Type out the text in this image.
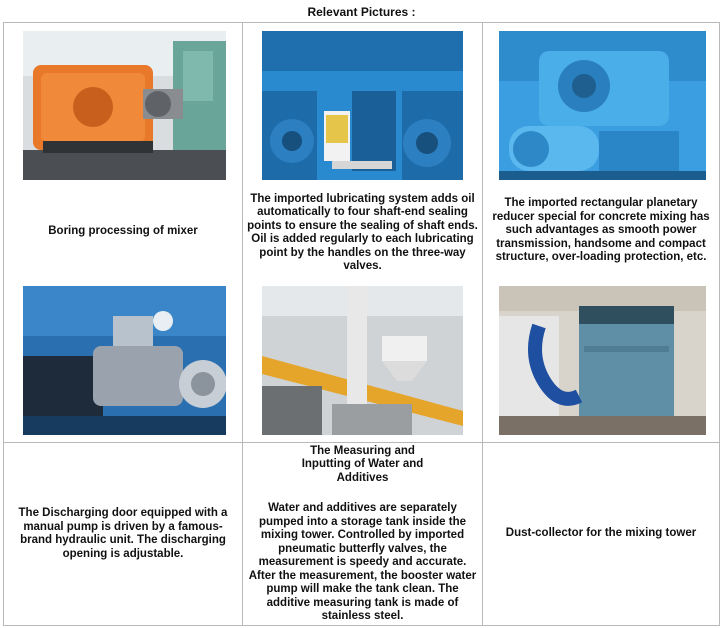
Relevant Pictures :
Boring processing of mixer
The imported lubricating system adds oil automatically to four shaft-end sealing points to ensure the sealing of shaft ends. Oil is added regularly to each lubricating point by the handles on the three-way valves.
The imported rectangular planetary reducer special for concrete mixing has such advantages as smooth power transmission, handsome and compact structure, over-loading protection, etc.
The Discharging door equipped with a manual pump is driven by a famous-brand hydraulic unit. The discharging opening is adjustable.
The Measuring and Inputting of Water and Additives
Water and additives are separately pumped into a storage tank inside the mixing tower. Controlled by imported pneumatic butterfly valves, the measurement is speedy and accurate. After the measurement, the booster water pump will make the tank clean. The additive measuring tank is made of stainless steel.
Dust-collector for the mixing tower
